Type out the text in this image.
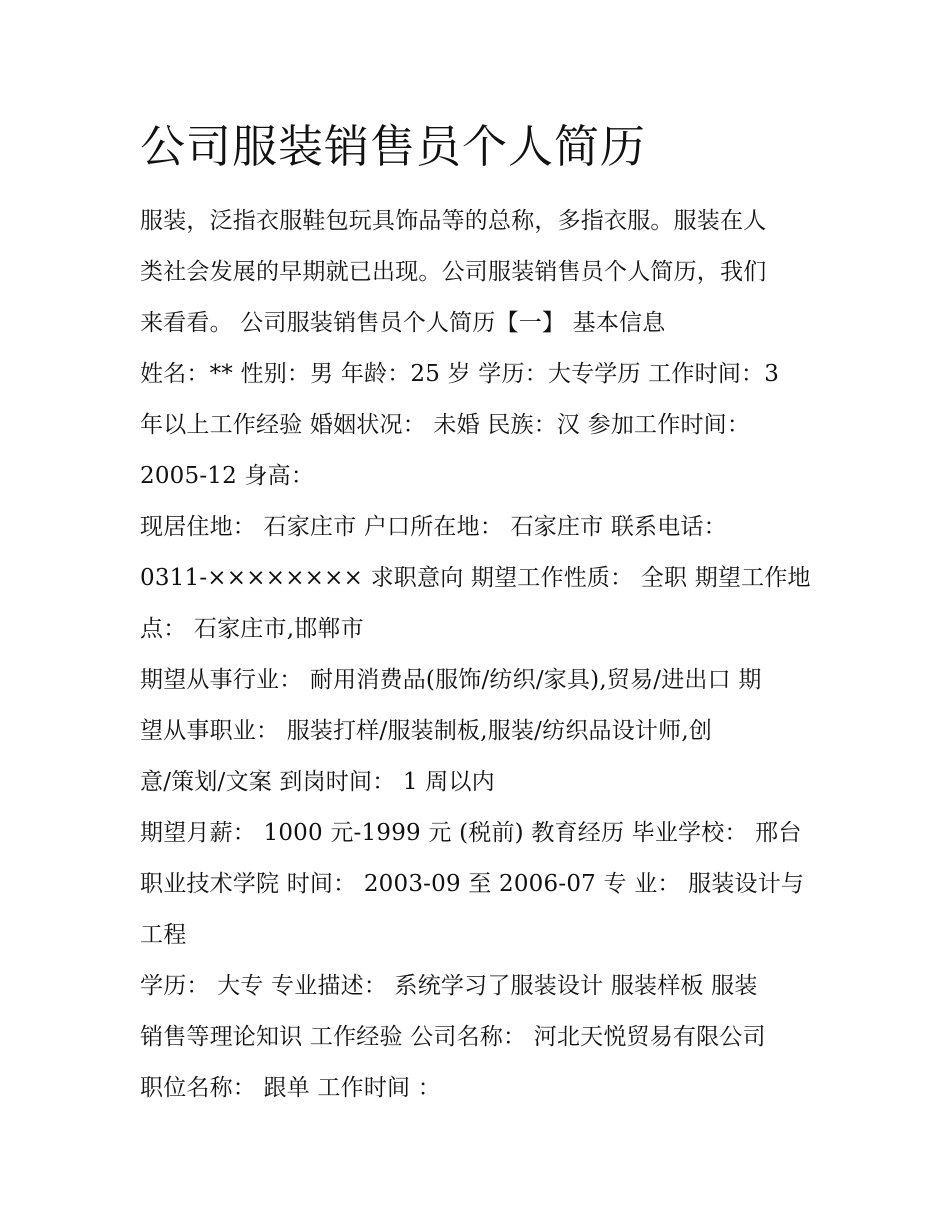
公司服装销售员个人简历
服装，泛指衣服鞋包玩具饰品等的总称，多指衣服。服装在人
类社会发展的早期就已出现。公司服装销售员个人简历，我们
来看看。 公司服装销售员个人简历【一】 基本信息
姓名：** 性别：男 年龄：25 岁 学历：大专学历 工作时间：3
年以上工作经验 婚姻状况： 未婚 民族：汉 参加工作时间：
2005-12 身高：
现居住地： 石家庄市 户口所在地： 石家庄市 联系电话：
0311-×××××××× 求职意向 期望工作性质： 全职 期望工作地
点： 石家庄市,邯郸市
期望从事行业： 耐用消费品(服饰/纺织/家具),贸易/进出口 期
望从事职业： 服装打样/服装制板,服装/纺织品设计师,创
意/策划/文案 到岗时间： 1 周以内
期望月薪： 1000 元-1999 元 (税前) 教育经历 毕业学校： 邢台
职业技术学院 时间： 2003-09 至 2006-07 专 业： 服装设计与
工程
学历： 大专 专业描述： 系统学习了服装设计 服装样板 服装
销售等理论知识 工作经验 公司名称： 河北天悦贸易有限公司
职位名称： 跟单 工作时间 ：
